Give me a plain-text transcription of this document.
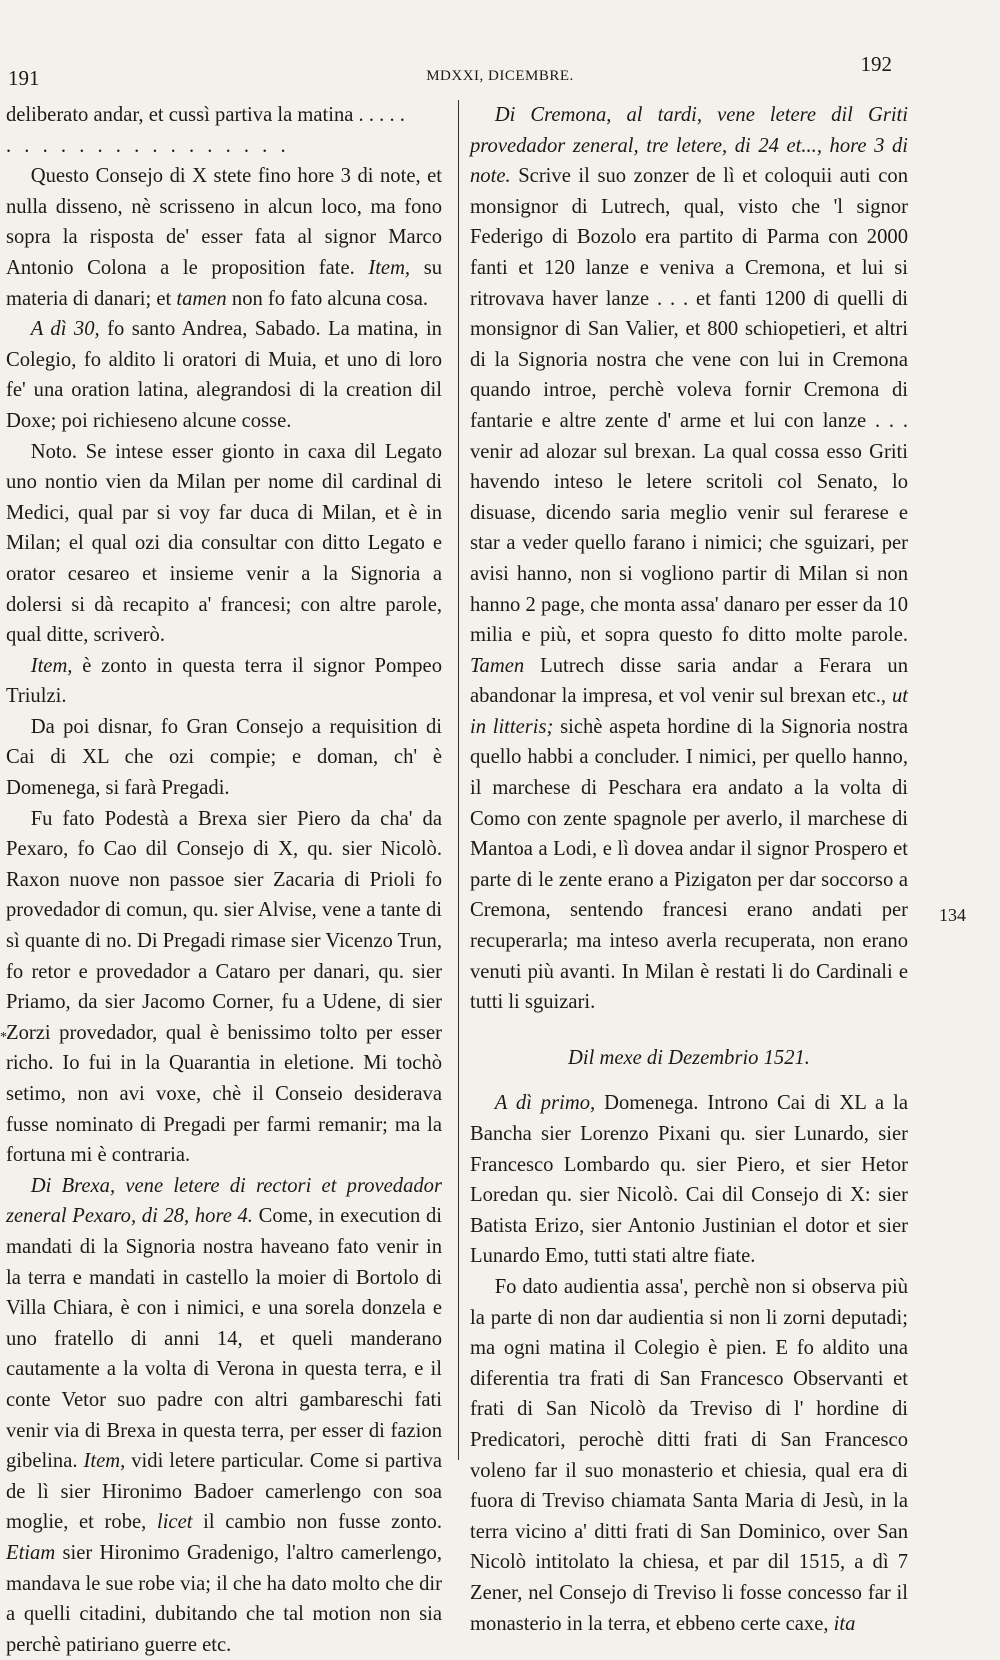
191	MDXXI, DICEMBRE.	192
134
*

deliberato andar, et cussì partiva la matina . . . . .

. . . . . . . . . . . . . . . .

Questo Consejo di X stete fino hore 3 di note, et nulla disseno, nè scrisseno in alcun loco, ma fono sopra la risposta de' esser fata al signor Marco Antonio Colona a le proposition fate. Item, su materia di danari; et tamen non fo fato alcuna cosa.

A dì 30, fo santo Andrea, Sabado. La matina, in Colegio, fo aldito li oratori di Muia, et uno di loro fe' una oration latina, alegrandosi di la creation dil Doxe; poi richieseno alcune cosse.

Noto. Se intese esser gionto in caxa dil Legato uno nontio vien da Milan per nome dil cardinal di Medici, qual par si voy far duca di Milan, et è in Milan; el qual ozi dia consultar con ditto Legato e orator cesareo et insieme venir a la Signoria a dolersi si dà recapito a' francesi; con altre parole, qual ditte, scriverò.

Item, è zonto in questa terra il signor Pompeo Triulzi.

Da poi disnar, fo Gran Consejo a requisition di Cai di XL che ozi compie; e doman, ch' è Domenega, si farà Pregadi.

Fu fato Podestà a Brexa sier Piero da cha' da Pexaro, fo Cao dil Consejo di X, qu. sier Nicolò. Raxon nuove non passoe sier Zacaria di Prioli fo provedador di comun, qu. sier Alvise, vene a tante di sì quante di no. Di Pregadi rimase sier Vicenzo Trun, fo retor e provedador a Cataro per danari, qu. sier Priamo, da sier Jacomo Corner, fu a Udene, di sier Zorzi provedador, qual è benissimo tolto per esser richo. Io fui in la Quarantia in eletione. Mi tochò setimo, non avi voxe, chè il Conseio desiderava fusse nominato di Pregadi per farmi remanir; ma la fortuna mi è contraria.

Di Brexa, vene letere di rectori et provedador zeneral Pexaro, di 28, hore 4. Come, in execution di mandati di la Signoria nostra haveano fato venir in la terra e mandati in castello la moier di Bortolo di Villa Chiara, è con i nimici, e una sorela donzela e uno fratello di anni 14, et queli manderano cautamente a la volta di Verona in questa terra, e il conte Vetor suo padre con altri gambareschi fati venir via di Brexa in questa terra, per esser di fazion gibelina. Item, vidi letere particular. Come si partiva de lì sier Hironimo Badoer camerlengo con soa moglie, et robe, licet il cambio non fusse zonto. Etiam sier Hironimo Gradenigo, l'altro camerlengo, mandava le sue robe via; il che ha dato molto che dir a quelli citadini, dubitando che tal motion non sia perchè patiriano guerre etc.

Di Cremona, al tardi, vene letere dil Griti provedador zeneral, tre letere, di 24 et..., hore 3 di note. Scrive il suo zonzer de lì et coloquii auti con monsignor di Lutrech, qual, visto che 'l signor Federigo di Bozolo era partito di Parma con 2000 fanti et 120 lanze e veniva a Cremona, et lui si ritrovava haver lanze . . . et fanti 1200 di quelli di monsignor di San Valier, et 800 schiopetieri, et altri di la Signoria nostra che vene con lui in Cremona quando introe, perchè voleva fornir Cremona di fantarie e altre zente d' arme et lui con lanze . . . venir ad alozar sul brexan. La qual cossa esso Griti havendo inteso le letere scritoli col Senato, lo disuase, dicendo saria meglio venir sul ferarese e star a veder quello farano i nimici; che sguizari, per avisi hanno, non si vogliono partir di Milan si non hanno 2 page, che monta assa' danaro per esser da 10 milia e più, et sopra questo fo ditto molte parole. Tamen Lutrech disse saria andar a Ferara un abandonar la impresa, et vol venir sul brexan etc., ut in litteris; sichè aspeta hordine di la Signoria nostra quello habbi a concluder. I nimici, per quello hanno, il marchese di Peschara era andato a la volta di Como con zente spagnole per averlo, il marchese di Mantoa a Lodi, e lì dovea andar il signor Prospero et parte di le zente erano a Pizigaton per dar soccorso a Cremona, sentendo francesi erano andati per recuperarla; ma inteso averla recuperata, non erano venuti più avanti. In Milan è restati li do Cardinali e tutti li sguizari.

Dil mexe di Dezembrio 1521.

A dì primo, Domenega. Introno Cai di XL a la Bancha sier Lorenzo Pixani qu. sier Lunardo, sier Francesco Lombardo qu. sier Piero, et sier Hetor Loredan qu. sier Nicolò. Cai dil Consejo di X: sier Batista Erizo, sier Antonio Justinian el dotor et sier Lunardo Emo, tutti stati altre fiate.

Fo dato audientia assa', perchè non si observa più la parte di non dar audientia si non li zorni deputadi; ma ogni matina il Colegio è pien. E fo aldito una diferentia tra frati di San Francesco Observanti et frati di San Nicolò da Treviso di l' hordine di Predicatori, perochè ditti frati di San Francesco voleno far il suo monasterio et chiesia, qual era di fuora di Treviso chiamata Santa Maria di Jesù, in la terra vicino a' ditti frati di San Dominico, over San Nicolò intitolato la chiesa, et par dil 1515, a dì 7 Zener, nel Consejo di Treviso li fosse concesso far il monasterio in la terra, et ebbeno certe caxe, ita
